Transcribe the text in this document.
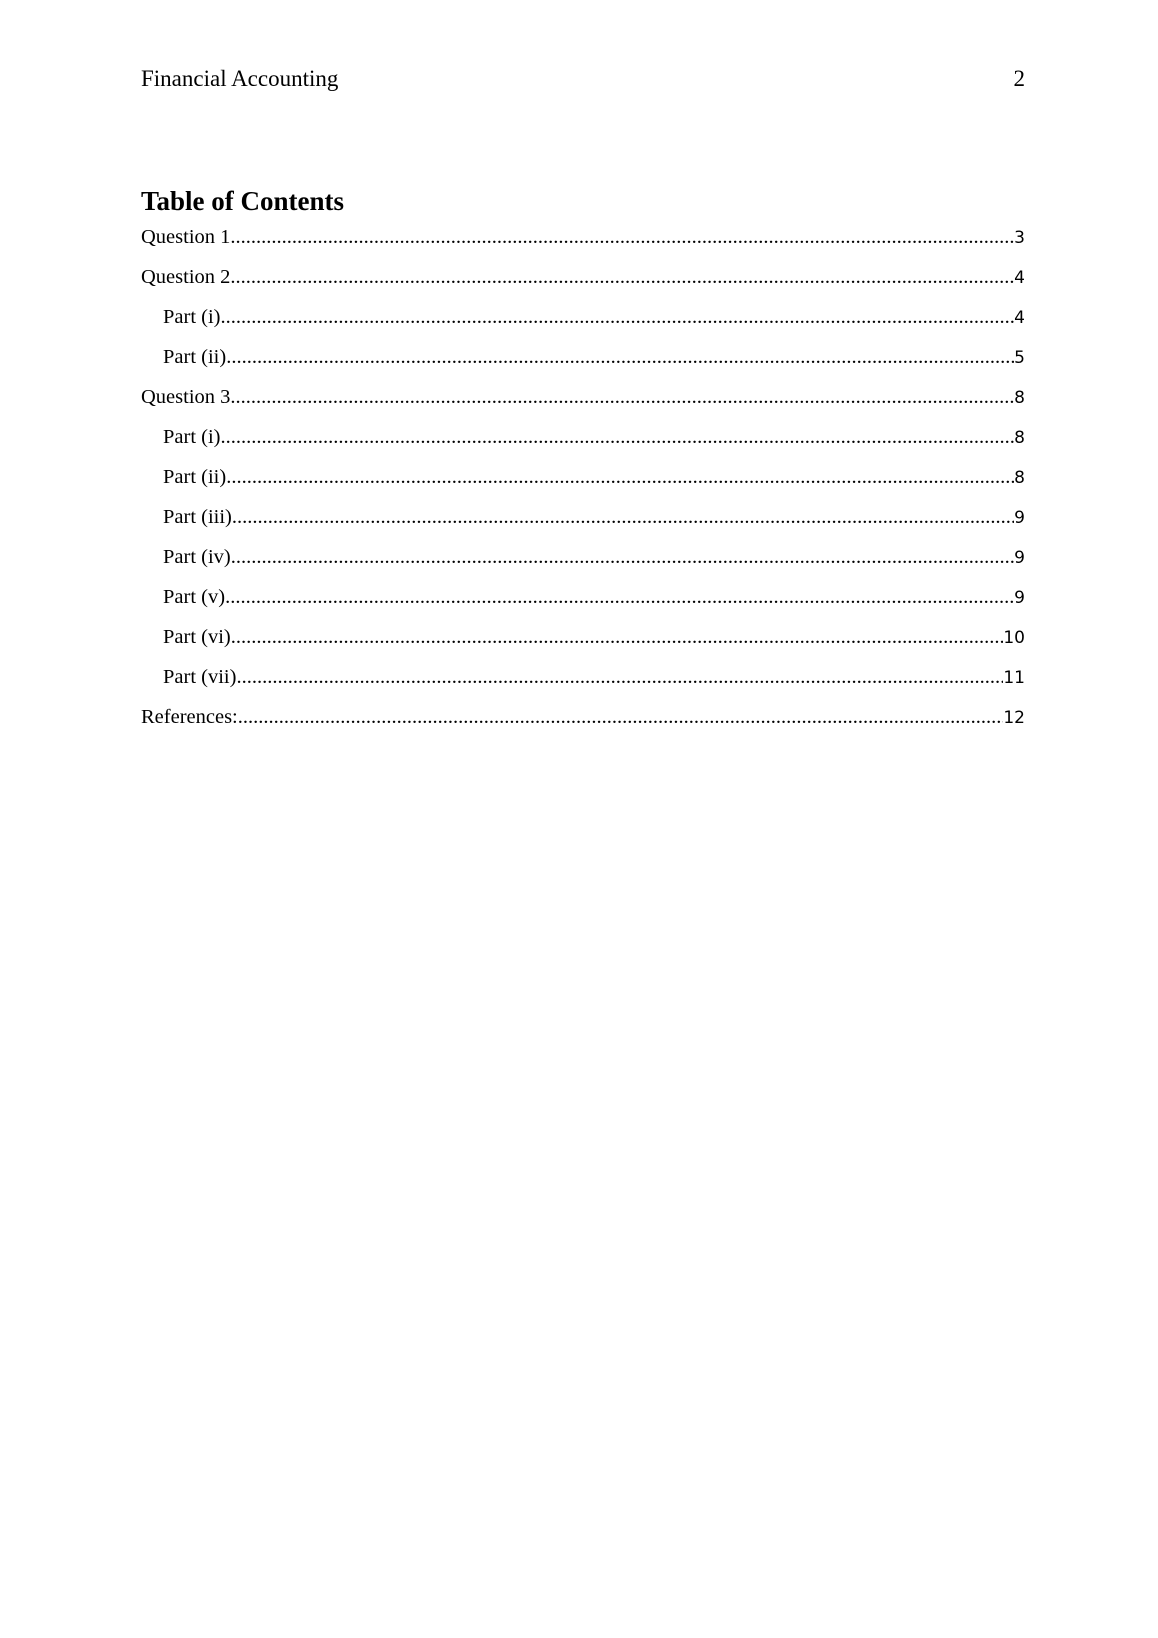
Financial Accounting	2
Table of Contents
Question 1 .....	3
Question 2 .....	4
Part (i) .....	4
Part (ii) .....	5
Question 3 .....	8
Part (i) .....	8
Part (ii) .....	8
Part (iii) .....	9
Part (iv) .....	9
Part (v) .....	9
Part (vi) .....	10
Part (vii) .....	11
References: .....	12
